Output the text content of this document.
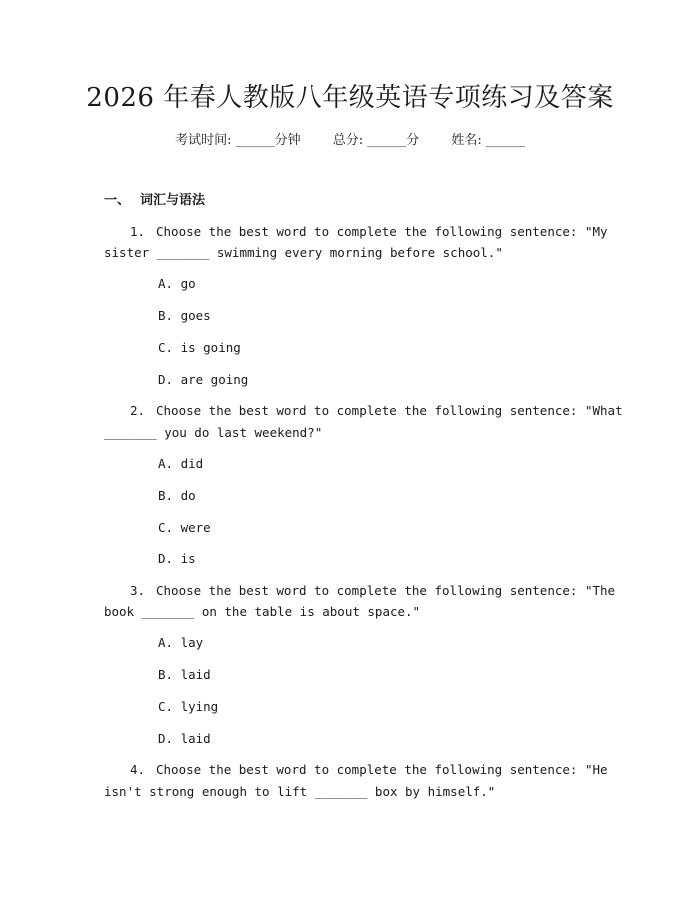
2026 年春人教版八年级英语专项练习及答案
考试时间: ______分钟 总分: ______分 姓名: ______
一、 词汇与语法
1. Choose the best word to complete the following sentence: "My
sister _______ swimming every morning before school."
A. go
B. goes
C. is going
D. are going
2. Choose the best word to complete the following sentence: "What
_______ you do last weekend?"
A. did
B. do
C. were
D. is
3. Choose the best word to complete the following sentence: "The
book _______ on the table is about space."
A. lay
B. laid
C. lying
D. laid
4. Choose the best word to complete the following sentence: "He
isn't strong enough to lift _______ box by himself."
